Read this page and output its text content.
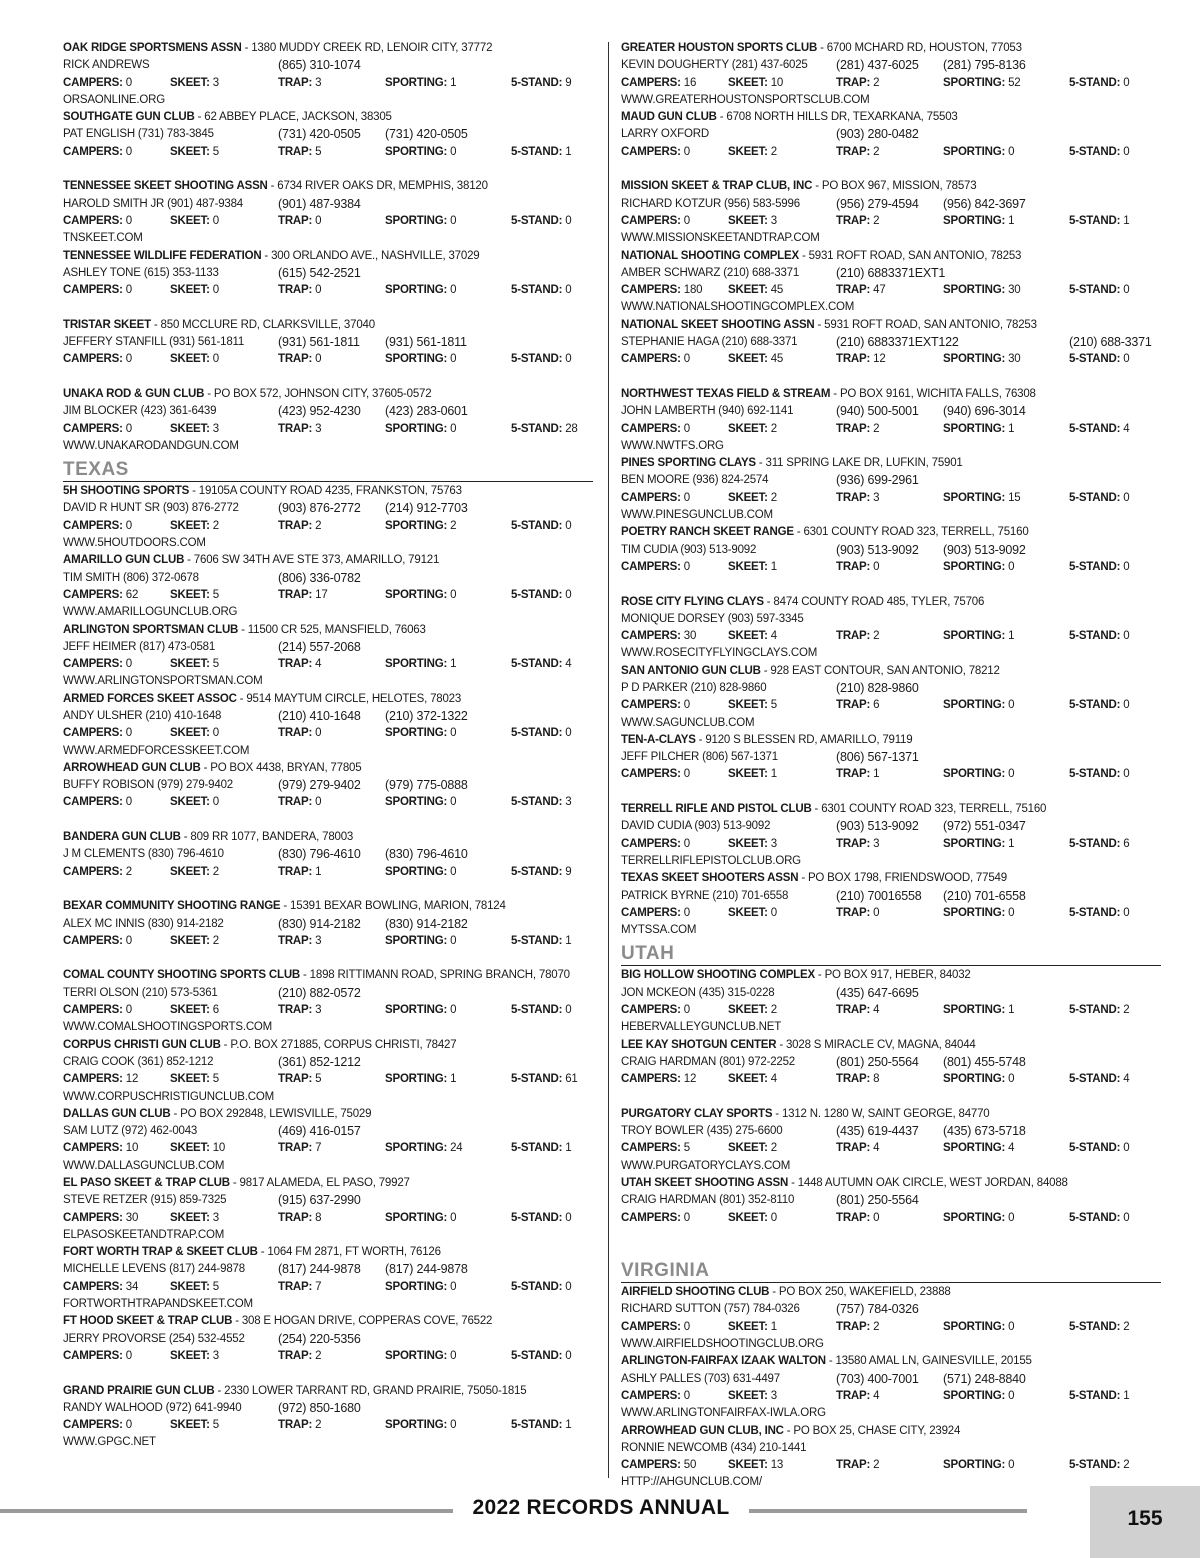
OAK RIDGE SPORTSMENS ASSN - 1380 MUDDY CREEK RD, LENOIR CITY, 37772
RICK ANDREWS	(865) 310-1074
CAMPERS: 0	SKEET: 3	TRAP: 3	SPORTING: 1	5-STAND: 9
ORSAONLINE.ORG
SOUTHGATE GUN CLUB - 62 ABBEY PLACE, JACKSON, 38305
PAT ENGLISH (731) 783-3845	(731) 420-0505 (731) 420-0505
CAMPERS: 0	SKEET: 5	TRAP: 5	SPORTING: 0	5-STAND: 1
TENNESSEE SKEET SHOOTING ASSN - 6734 RIVER OAKS DR, MEMPHIS, 38120
HAROLD SMITH JR (901) 487-9384	(901) 487-9384
CAMPERS: 0	SKEET: 0	TRAP: 0	SPORTING: 0	5-STAND: 0
TNSKEET.COM
TENNESSEE WILDLIFE FEDERATION - 300 ORLANDO AVE., NASHVILLE, 37029
ASHLEY TONE (615) 353-1133	(615) 542-2521
CAMPERS: 0	SKEET: 0	TRAP: 0	SPORTING: 0	5-STAND: 0
TRISTAR SKEET - 850 MCCLURE RD, CLARKSVILLE, 37040
JEFFERY STANFILL (931) 561-1811	(931) 561-1811 (931) 561-1811
CAMPERS: 0	SKEET: 0	TRAP: 0	SPORTING: 0	5-STAND: 0
UNAKA ROD & GUN CLUB - PO BOX 572, JOHNSON CITY, 37605-0572
JIM BLOCKER (423) 361-6439	(423) 952-4230 (423) 283-0601
CAMPERS: 0	SKEET: 3	TRAP: 3	SPORTING: 0	5-STAND: 28
WWW.UNAKARODANDGUN.COM
TEXAS
5H SHOOTING SPORTS - 19105A COUNTY ROAD 4235, FRANKSTON, 75763
DAVID R HUNT SR (903) 876-2772	(903) 876-2772 (214) 912-7703
CAMPERS: 0	SKEET: 2	TRAP: 2	SPORTING: 2	5-STAND: 0
WWW.5HOUTDOORS.COM
AMARILLO GUN CLUB - 7606 SW 34TH AVE STE 373, AMARILLO, 79121
TIM SMITH (806) 372-0678	(806) 336-0782
CAMPERS: 62	SKEET: 5	TRAP: 17	SPORTING: 0	5-STAND: 0
WWW.AMARILLOGUNCLUB.ORG
ARLINGTON SPORTSMAN CLUB - 11500 CR 525, MANSFIELD, 76063
JEFF HEIMER (817) 473-0581	(214) 557-2068
CAMPERS: 0	SKEET: 5	TRAP: 4	SPORTING: 1	5-STAND: 4
WWW.ARLINGTONSPORTSMAN.COM
ARMED FORCES SKEET ASSOC - 9514 MAYTUM CIRCLE, HELOTES, 78023
ANDY ULSHER (210) 410-1648	(210) 410-1648 (210) 372-1322
CAMPERS: 0	SKEET: 0	TRAP: 0	SPORTING: 0	5-STAND: 0
WWW.ARMEDFORCESSKEET.COM
ARROWHEAD GUN CLUB - PO BOX 4438, BRYAN, 77805
BUFFY ROBISON (979) 279-9402	(979) 279-9402 (979) 775-0888
CAMPERS: 0	SKEET: 0	TRAP: 0	SPORTING: 0	5-STAND: 3
BANDERA GUN CLUB - 809 RR 1077, BANDERA, 78003
J M CLEMENTS (830) 796-4610	(830) 796-4610 (830) 796-4610
CAMPERS: 2	SKEET: 2	TRAP: 1	SPORTING: 0	5-STAND: 9
BEXAR COMMUNITY SHOOTING RANGE - 15391 BEXAR BOWLING, MARION, 78124
ALEX MC INNIS (830) 914-2182	(830) 914-2182 (830) 914-2182
CAMPERS: 0	SKEET: 2	TRAP: 3	SPORTING: 0	5-STAND: 1
COMAL COUNTY SHOOTING SPORTS CLUB - 1898 RITTIMANN ROAD, SPRING BRANCH, 78070
TERRI OLSON (210) 573-5361	(210) 882-0572
CAMPERS: 0	SKEET: 6	TRAP: 3	SPORTING: 0	5-STAND: 0
WWW.COMALSHOOTINGSPORTS.COM
CORPUS CHRISTI GUN CLUB - P.O. BOX 271885, CORPUS CHRISTI, 78427
CRAIG COOK (361) 852-1212	(361) 852-1212
CAMPERS: 12	SKEET: 5	TRAP: 5	SPORTING: 1	5-STAND: 61
WWW.CORPUSCHRISTIGUNCLUB.COM
DALLAS GUN CLUB - PO BOX 292848, LEWISVILLE, 75029
SAM LUTZ (972) 462-0043	(469) 416-0157
CAMPERS: 10	SKEET: 10	TRAP: 7	SPORTING: 24	5-STAND: 1
WWW.DALLASGUNCLUB.COM
EL PASO SKEET & TRAP CLUB - 9817 ALAMEDA, EL PASO, 79927
STEVE RETZER (915) 859-7325	(915) 637-2990
CAMPERS: 30	SKEET: 3	TRAP: 8	SPORTING: 0	5-STAND: 0
ELPASOSKEETANDTRAP.COM
FORT WORTH TRAP & SKEET CLUB - 1064 FM 2871, FT WORTH, 76126
MICHELLE LEVENS (817) 244-9878	(817) 244-9878 (817) 244-9878
CAMPERS: 34	SKEET: 5	TRAP: 7	SPORTING: 0	5-STAND: 0
FORTWORTHTRAPANDSKEET.COM
FT HOOD SKEET & TRAP CLUB - 308 E HOGAN DRIVE, COPPERAS COVE, 76522
JERRY PROVORSE (254) 532-4552	(254) 220-5356
CAMPERS: 0	SKEET: 3	TRAP: 2	SPORTING: 0	5-STAND: 0
GRAND PRAIRIE GUN CLUB - 2330 LOWER TARRANT RD, GRAND PRAIRIE, 75050-1815
RANDY WALHOOD (972) 641-9940	(972) 850-1680
CAMPERS: 0	SKEET: 5	TRAP: 2	SPORTING: 0	5-STAND: 1
WWW.GPGC.NET
GREATER HOUSTON SPORTS CLUB - 6700 MCHARD RD, HOUSTON, 77053
KEVIN DOUGHERTY (281) 437-6025 (281) 437-6025 (281) 795-8136
CAMPERS: 16	SKEET: 10	TRAP: 2	SPORTING: 52	5-STAND: 0
WWW.GREATERHOUSTONSPORTSCLUB.COM
MAUD GUN CLUB - 6708 NORTH HILLS DR, TEXARKANA, 75503
LARRY OXFORD	(903) 280-0482
CAMPERS: 0	SKEET: 2	TRAP: 2	SPORTING: 0	5-STAND: 0
MISSION SKEET & TRAP CLUB, INC - PO BOX 967, MISSION, 78573
RICHARD KOTZUR (956) 583-5996	(956) 279-4594 (956) 842-3697
CAMPERS: 0	SKEET: 3	TRAP: 2	SPORTING: 1	5-STAND: 1
WWW.MISSIONSKEETANDTRAP.COM
NATIONAL SHOOTING COMPLEX - 5931 ROFT ROAD, SAN ANTONIO, 78253
AMBER SCHWARZ (210) 688-3371	(210) 6883371EXT1
CAMPERS: 180 SKEET: 45	TRAP: 47	SPORTING: 30	5-STAND: 0
WWW.NATIONALSHOOTINGCOMPLEX.COM
NATIONAL SKEET SHOOTING ASSN - 5931 ROFT ROAD, SAN ANTONIO, 78253
STEPHANIE HAGA (210) 688-3371	(210) 6883371EXT122	(210) 688-3371
CAMPERS: 0	SKEET: 45	TRAP: 12	SPORTING: 30	5-STAND: 0
NORTHWEST TEXAS FIELD & STREAM - PO BOX 9161, WICHITA FALLS, 76308
JOHN LAMBERTH (940) 692-1141	(940) 500-5001 (940) 696-3014
CAMPERS: 0	SKEET: 2	TRAP: 2	SPORTING: 1	5-STAND: 4
WWW.NWTFS.ORG
PINES SPORTING CLAYS - 311 SPRING LAKE DR, LUFKIN, 75901
BEN MOORE (936) 824-2574	(936) 699-2961
CAMPERS: 0	SKEET: 2	TRAP: 3	SPORTING: 15	5-STAND: 0
WWW.PINESGUNCLUB.COM
POETRY RANCH SKEET RANGE - 6301 COUNTY ROAD 323, TERRELL, 75160
TIM CUDIA (903) 513-9092	(903) 513-9092 (903) 513-9092
CAMPERS: 0	SKEET: 1	TRAP: 0	SPORTING: 0	5-STAND: 0
ROSE CITY FLYING CLAYS - 8474 COUNTY ROAD 485, TYLER, 75706
MONIQUE DORSEY (903) 597-3345
CAMPERS: 30	SKEET: 4	TRAP: 2	SPORTING: 1	5-STAND: 0
WWW.ROSECITYFLYINGCLAYS.COM
SAN ANTONIO GUN CLUB - 928 EAST CONTOUR, SAN ANTONIO, 78212
P D PARKER (210) 828-9860	(210) 828-9860
CAMPERS: 0	SKEET: 5	TRAP: 6	SPORTING: 0	5-STAND: 0
WWW.SAGUNCLUB.COM
TEN-A-CLAYS - 9120 S BLESSEN RD, AMARILLO, 79119
JEFF PILCHER (806) 567-1371	(806) 567-1371
CAMPERS: 0	SKEET: 1	TRAP: 1	SPORTING: 0	5-STAND: 0
TERRELL RIFLE AND PISTOL CLUB - 6301 COUNTY ROAD 323, TERRELL, 75160
DAVID CUDIA (903) 513-9092	(903) 513-9092 (972) 551-0347
CAMPERS: 0	SKEET: 3	TRAP: 3	SPORTING: 1	5-STAND: 6
TERRELLRIFLEPISTOLCLUB.ORG
TEXAS SKEET SHOOTERS ASSN - PO BOX 1798, FRIENDSWOOD, 77549
PATRICK BYRNE (210) 701-6558	(210) 70016558 (210) 701-6558
CAMPERS: 0	SKEET: 0	TRAP: 0	SPORTING: 0	5-STAND: 0
MYTSSA.COM
UTAH
BIG HOLLOW SHOOTING COMPLEX - PO BOX 917, HEBER, 84032
JON MCKEON (435) 315-0228	(435) 647-6695
CAMPERS: 0	SKEET: 2	TRAP: 4	SPORTING: 1	5-STAND: 2
HEBERVALLEYGUNCLUB.NET
LEE KAY SHOTGUN CENTER - 3028 S MIRACLE CV, MAGNA, 84044
CRAIG HARDMAN (801) 972-2252	(801) 250-5564 (801) 455-5748
CAMPERS: 12	SKEET: 4	TRAP: 8	SPORTING: 0	5-STAND: 4
PURGATORY CLAY SPORTS - 1312 N. 1280 W, SAINT GEORGE, 84770
TROY BOWLER (435) 275-6600	(435) 619-4437 (435) 673-5718
CAMPERS: 5	SKEET: 2	TRAP: 4	SPORTING: 4	5-STAND: 0
WWW.PURGATORYCLAYS.COM
UTAH SKEET SHOOTING ASSN - 1448 AUTUMN OAK CIRCLE, WEST JORDAN, 84088
CRAIG HARDMAN (801) 352-8110	(801) 250-5564
CAMPERS: 0	SKEET: 0	TRAP: 0	SPORTING: 0	5-STAND: 0
VIRGINIA
AIRFIELD SHOOTING CLUB - PO BOX 250, WAKEFIELD, 23888
RICHARD SUTTON (757) 784-0326	(757) 784-0326
CAMPERS: 0	SKEET: 1	TRAP: 2	SPORTING: 0	5-STAND: 2
WWW.AIRFIELDSHOOTINGCLUB.ORG
ARLINGTON-FAIRFAX IZAAK WALTON - 13580 AMAL LN, GAINESVILLE, 20155
ASHLY PALLES (703) 631-4497	(703) 400-7001 (571) 248-8840
CAMPERS: 0	SKEET: 3	TRAP: 4	SPORTING: 0	5-STAND: 1
WWW.ARLINGTONFAIRFAX-IWLA.ORG
ARROWHEAD GUN CLUB, INC - PO BOX 25, CHASE CITY, 23924
RONNIE NEWCOMB (434) 210-1441
CAMPERS: 50	SKEET: 13	TRAP: 2	SPORTING: 0	5-STAND: 2
HTTP://AHGUNCLUB.COM/
2022 RECORDS ANNUAL	155
